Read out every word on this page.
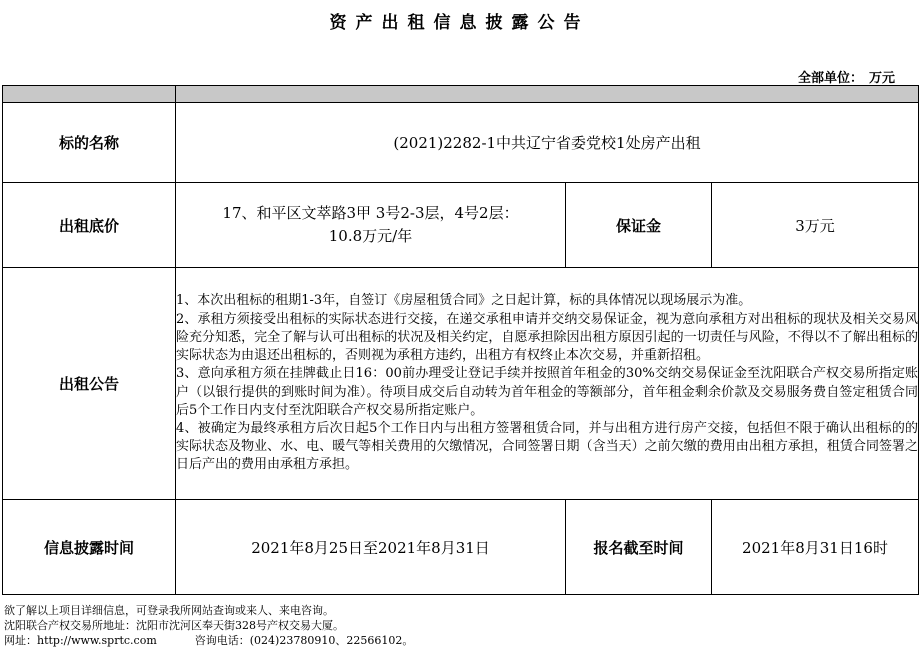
资产出租信息披露公告
全部单位： 万元

标的名称	(2021)2282-1中共辽宁省委党校1处房产出租		
出租底价	17、和平区文萃路3甲 3号2-3层，4号2层：
10.8万元/年	保证金	3万元
出租公告	1、本次出租标的租期1-3年，自签订《房屋租赁合同》之日起计算，标的具体情况以现场展示为准。

2、承租方须接受出租标的实际状态进行交接，在递交承租申请并交纳交易保证金，视为意向承租方对出租标的现状及相关交易风险充分知悉，完全了解与认可出租标的状况及相关约定，自愿承担除因出租方原因引起的一切责任与风险，不得以不了解出租标的实际状态为由退还出租标的，否则视为承租方违约，出租方有权终止本次交易，并重新招租。

3、意向承租方须在挂牌截止日16：00前办理受让登记手续并按照首年租金的30%交纳交易保证金至沈阳联合产权交易所指定账户（以银行提供的到账时间为准）。待项目成交后自动转为首年租金的等额部分，首年租金剩余价款及交易服务费自签定租赁合同后5个工作日内支付至沈阳联合产权交易所指定账户。

4、被确定为最终承租方后次日起5个工作日内与出租方签署租赁合同，并与出租方进行房产交接，包括但不限于确认出租标的的实际状态及物业、水、电、暖气等相关费用的欠缴情况，合同签署日期（含当天）之前欠缴的费用由出租方承担，租赁合同签署之日后产出的费用由承租方承担。		

信息披露时间	2021年8月25日至2021年8月31日	报名截至时间	2021年8月31日16时
欲了解以上项目详细信息，可登录我所网站查询或来人、来电咨询。
沈阳联合产权交易所地址：沈阳市沈河区奉天街328号产权交易大厦。
网址：http://www.sprtc.com	咨询电话：(024)23780910、22566102。
